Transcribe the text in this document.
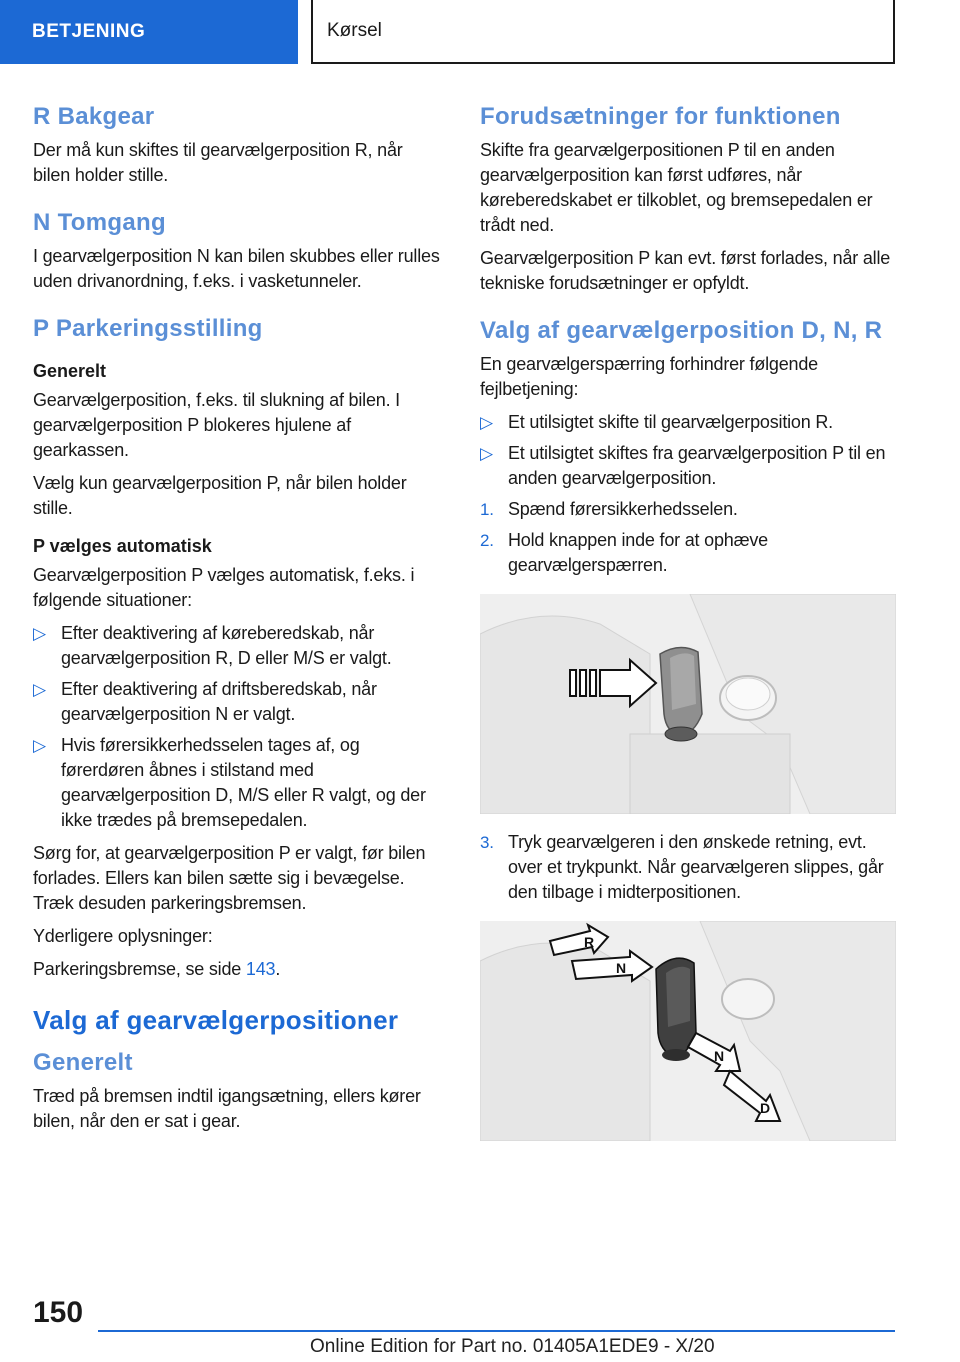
BETJENING	Kørsel
R Bakgear
Der må kun skiftes til gearvælgerposition R, når bilen holder stille.
N Tomgang
I gearvælgerposition N kan bilen skubbes eller rulles uden drivanordning, f.eks. i vasketunneler.
P Parkeringsstilling
Generelt
Gearvælgerposition, f.eks. til slukning af bilen. I gearvælgerposition P blokeres hjulene af gearkassen.
Vælg kun gearvælgerposition P, når bilen holder stille.
P vælges automatisk
Gearvælgerposition P vælges automatisk, f.eks. i følgende situationer:
▷ Efter deaktivering af køreberedskab, når gearvælgerposition R, D eller M/S er valgt.
▷ Efter deaktivering af driftsberedskab, når gearvælgerposition N er valgt.
▷ Hvis førersikkerhedsselen tages af, og førerdøren åbnes i stilstand med gearvælgerposition D, M/S eller R valgt, og der ikke trædes på bremsepedalen.
Sørg for, at gearvælgerposition P er valgt, før bilen forlades. Ellers kan bilen sætte sig i bevægelse. Træk desuden parkeringsbremsen.
Yderligere oplysninger:
Parkeringsbremse, se side 143.
Valg af gearvælgerpositioner
Generelt
Træd på bremsen indtil igangsætning, ellers kører bilen, når den er sat i gear.
Forudsætninger for funktionen
Skifte fra gearvælgerpositionen P til en anden gearvælgerposition kan først udføres, når køreberedskabet er tilkoblet, og bremsepedalen er trådt ned.
Gearvælgerposition P kan evt. først forlades, når alle tekniske forudsætninger er opfyldt.
Valg af gearvælgerposition D, N, R
En gearvælgerspærring forhindrer følgende fejlbetjening:
▷ Et utilsigtet skifte til gearvælgerposition R.
▷ Et utilsigtet skiftes fra gearvælgerposition P til en anden gearvælgerposition.
1. Spænd førersikkerhedsselen.
2. Hold knappen inde for at ophæve gearvælgerspærren.
3. Tryk gearvælgeren i den ønskede retning, evt. over et trykpunkt. Når gearvælgeren slippes, går den tilbage i midterpositionen.
R
N
N
D
150
Online Edition for Part no. 01405A1EDE9 - X/20
